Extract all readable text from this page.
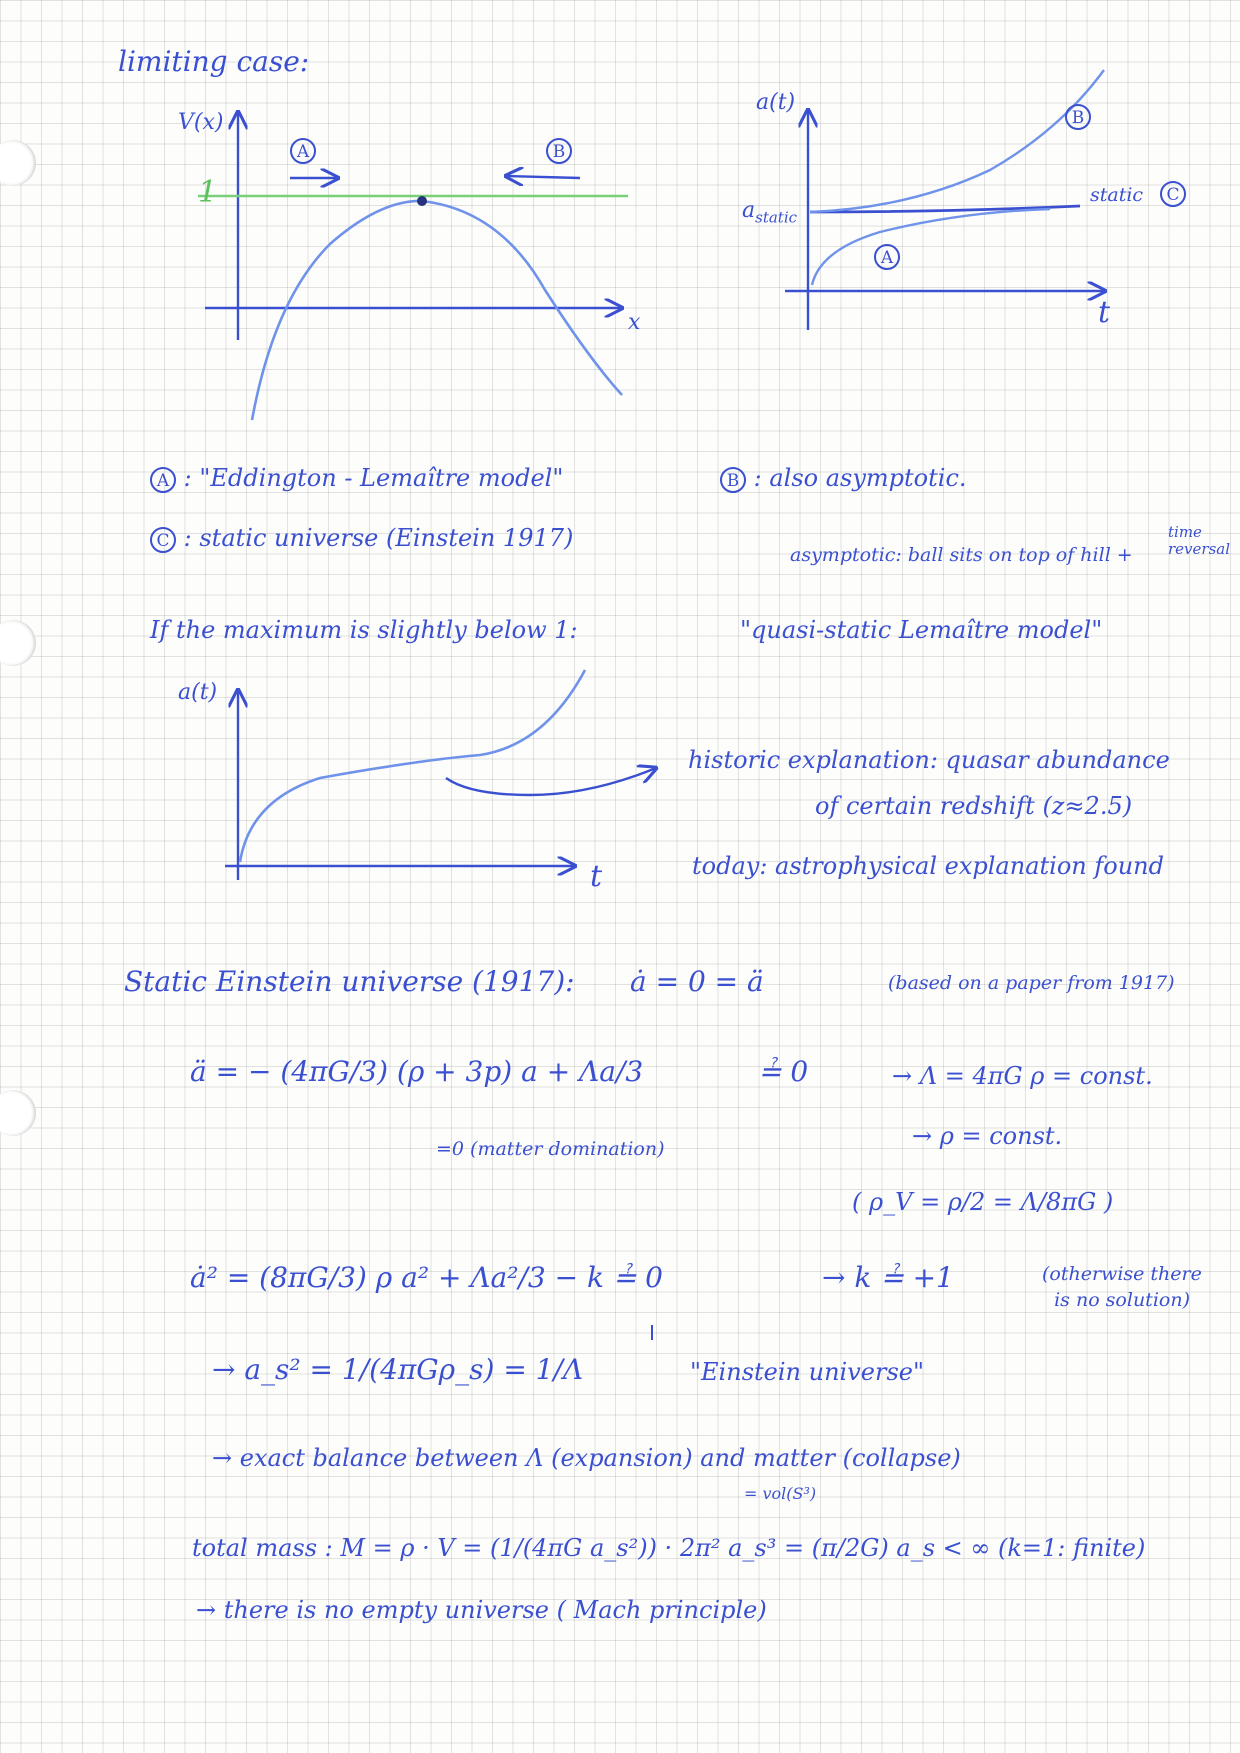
limiting case:
V(x)
x
1
A	B
a(t)
t
$a_{static}$
B
A
static	C
A : "Eddington - Lemaître model"
C : static universe (Einstein 1917)
B : also asymptotic.
asymptotic: ball sits on top of hill +
time
reversal
If the maximum is slightly below 1:	"quasi-static Lemaître model"
a(t)
t
historic explanation: quasar abundance
of certain redshift (z≈2.5)
today: astrophysical explanation found
Static Einstein universe (1917): ȧ = 0 = ä	(based on a paper from 1917)
ä = − (4πG/3) (ρ + 3p) a + Λa/3	≟ 0
=0 (matter domination)
→ Λ = 4πG ρ = const.
→ ρ = const.
( ρ_V = ρ/2 = Λ/8πG )
ȧ² = (8πG/3) ρ a² + Λa²/3 − k ≟ 0	→ k ≟ +1	(otherwise there
is no solution)
→ a_s² = 1/(4πGρ_s) = 1/Λ	"Einstein universe"
→ exact balance between Λ (expansion) and matter (collapse)
= vol(S³)
total mass : M = ρ · V = (1/(4πG a_s²)) · 2π² a_s³ = (π/2G) a_s < ∞ (k=1: finite)
→ there is no empty universe ( Mach principle)
